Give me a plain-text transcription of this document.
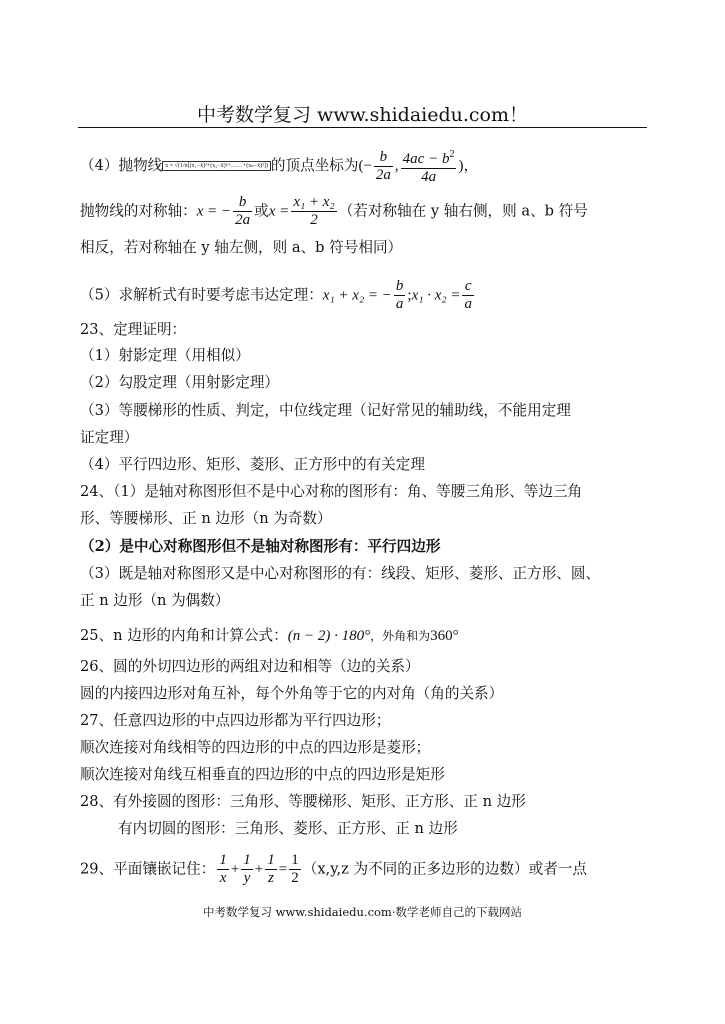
中考数学复习 www.shidaiedu.com！
（4）抛物线 x = √(1/n[(x₁−x̄)²+(x₂−x̄)²+……+(xₙ−x̄)²]) 的顶点坐标为(− $\frac{b}{2a}$ , $\frac{4ac - b^2}{4a}$ )，
抛物线的对称轴：x = − $\frac{b}{2a}$ 或$x = \frac{\text{x₁ + x₂}}{2}$ （若对称轴在 y 轴右侧，则 a、b 符号
相反，若对称轴在 y 轴左侧，则 a、b 符号相同）
（5）求解析式有时要考虑韦达定理：x₁ + x₂ = − $\frac{b}{a}$ ;x₁ · $x_2 = \frac{c}{a}$
23、定理证明：
（1）射影定理（用相似）
（2）勾股定理（用射影定理）
（3）等腰梯形的性质、判定，中位线定理（记好常见的辅助线，不能用定理
证定理）
（4）平行四边形、矩形、菱形、正方形中的有关定理
24、（1）是轴对称图形但不是中心对称的图形有：角、等腰三角形、等边三角
形、等腰梯形、正 n 边形（n 为奇数）
（2）是中心对称图形但不是轴对称图形有：平行四边形
（3）既是轴对称图形又是中心对称图形的有：线段、矩形、菱形、正方形、圆、
正 n 边形（n 为偶数）
25、n 边形的内角和计算公式：(n − 2) · 180°，外角和为360°
26、圆的外切四边形的两组对边和相等（边的关系）
圆的内接四边形对角互补，每个外角等于它的内对角（角的关系）
27、任意四边形的中点四边形都为平行四边形；
顺次连接对角线相等的四边形的中点的四边形是菱形；
顺次连接对角线互相垂直的四边形的中点的四边形是矩形
28、有外接圆的图形：三角形、等腰梯形、矩形、正方形、正 n 边形
有内切圆的图形：三角形、菱形、正方形、正 n 边形
29、平面镶嵌记住： $\frac{1}{x} + \frac{1}{y} + \frac{1}{z} = \frac{1}{2} (x,y,z$ 为不同的正多边形的边数）或者一点
中考数学复习 www.shidaiedu.com·数学老师自己的下载网站
